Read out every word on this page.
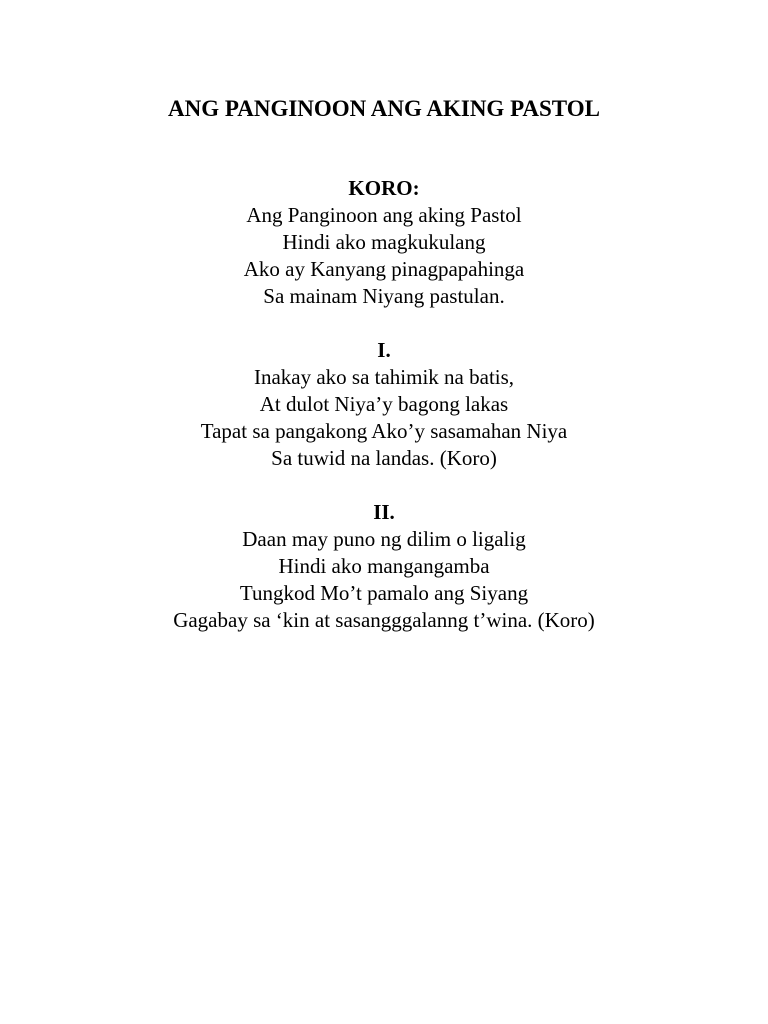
ANG PANGINOON ANG AKING PASTOL
KORO:
Ang Panginoon ang aking Pastol
Hindi ako magkukulang
Ako ay Kanyang pinagpapahinga
Sa mainam Niyang pastulan.
I.
Inakay ako sa tahimik na batis,
At dulot Niya’y bagong lakas
Tapat sa pangakong Ako’y sasamahan Niya
Sa tuwid na landas. (Koro)
II.
Daan may puno ng dilim o ligalig
Hindi ako mangangamba
Tungkod Mo’t pamalo ang Siyang
Gagabay sa ‘kin at sasangggalanng t’wina. (Koro)
